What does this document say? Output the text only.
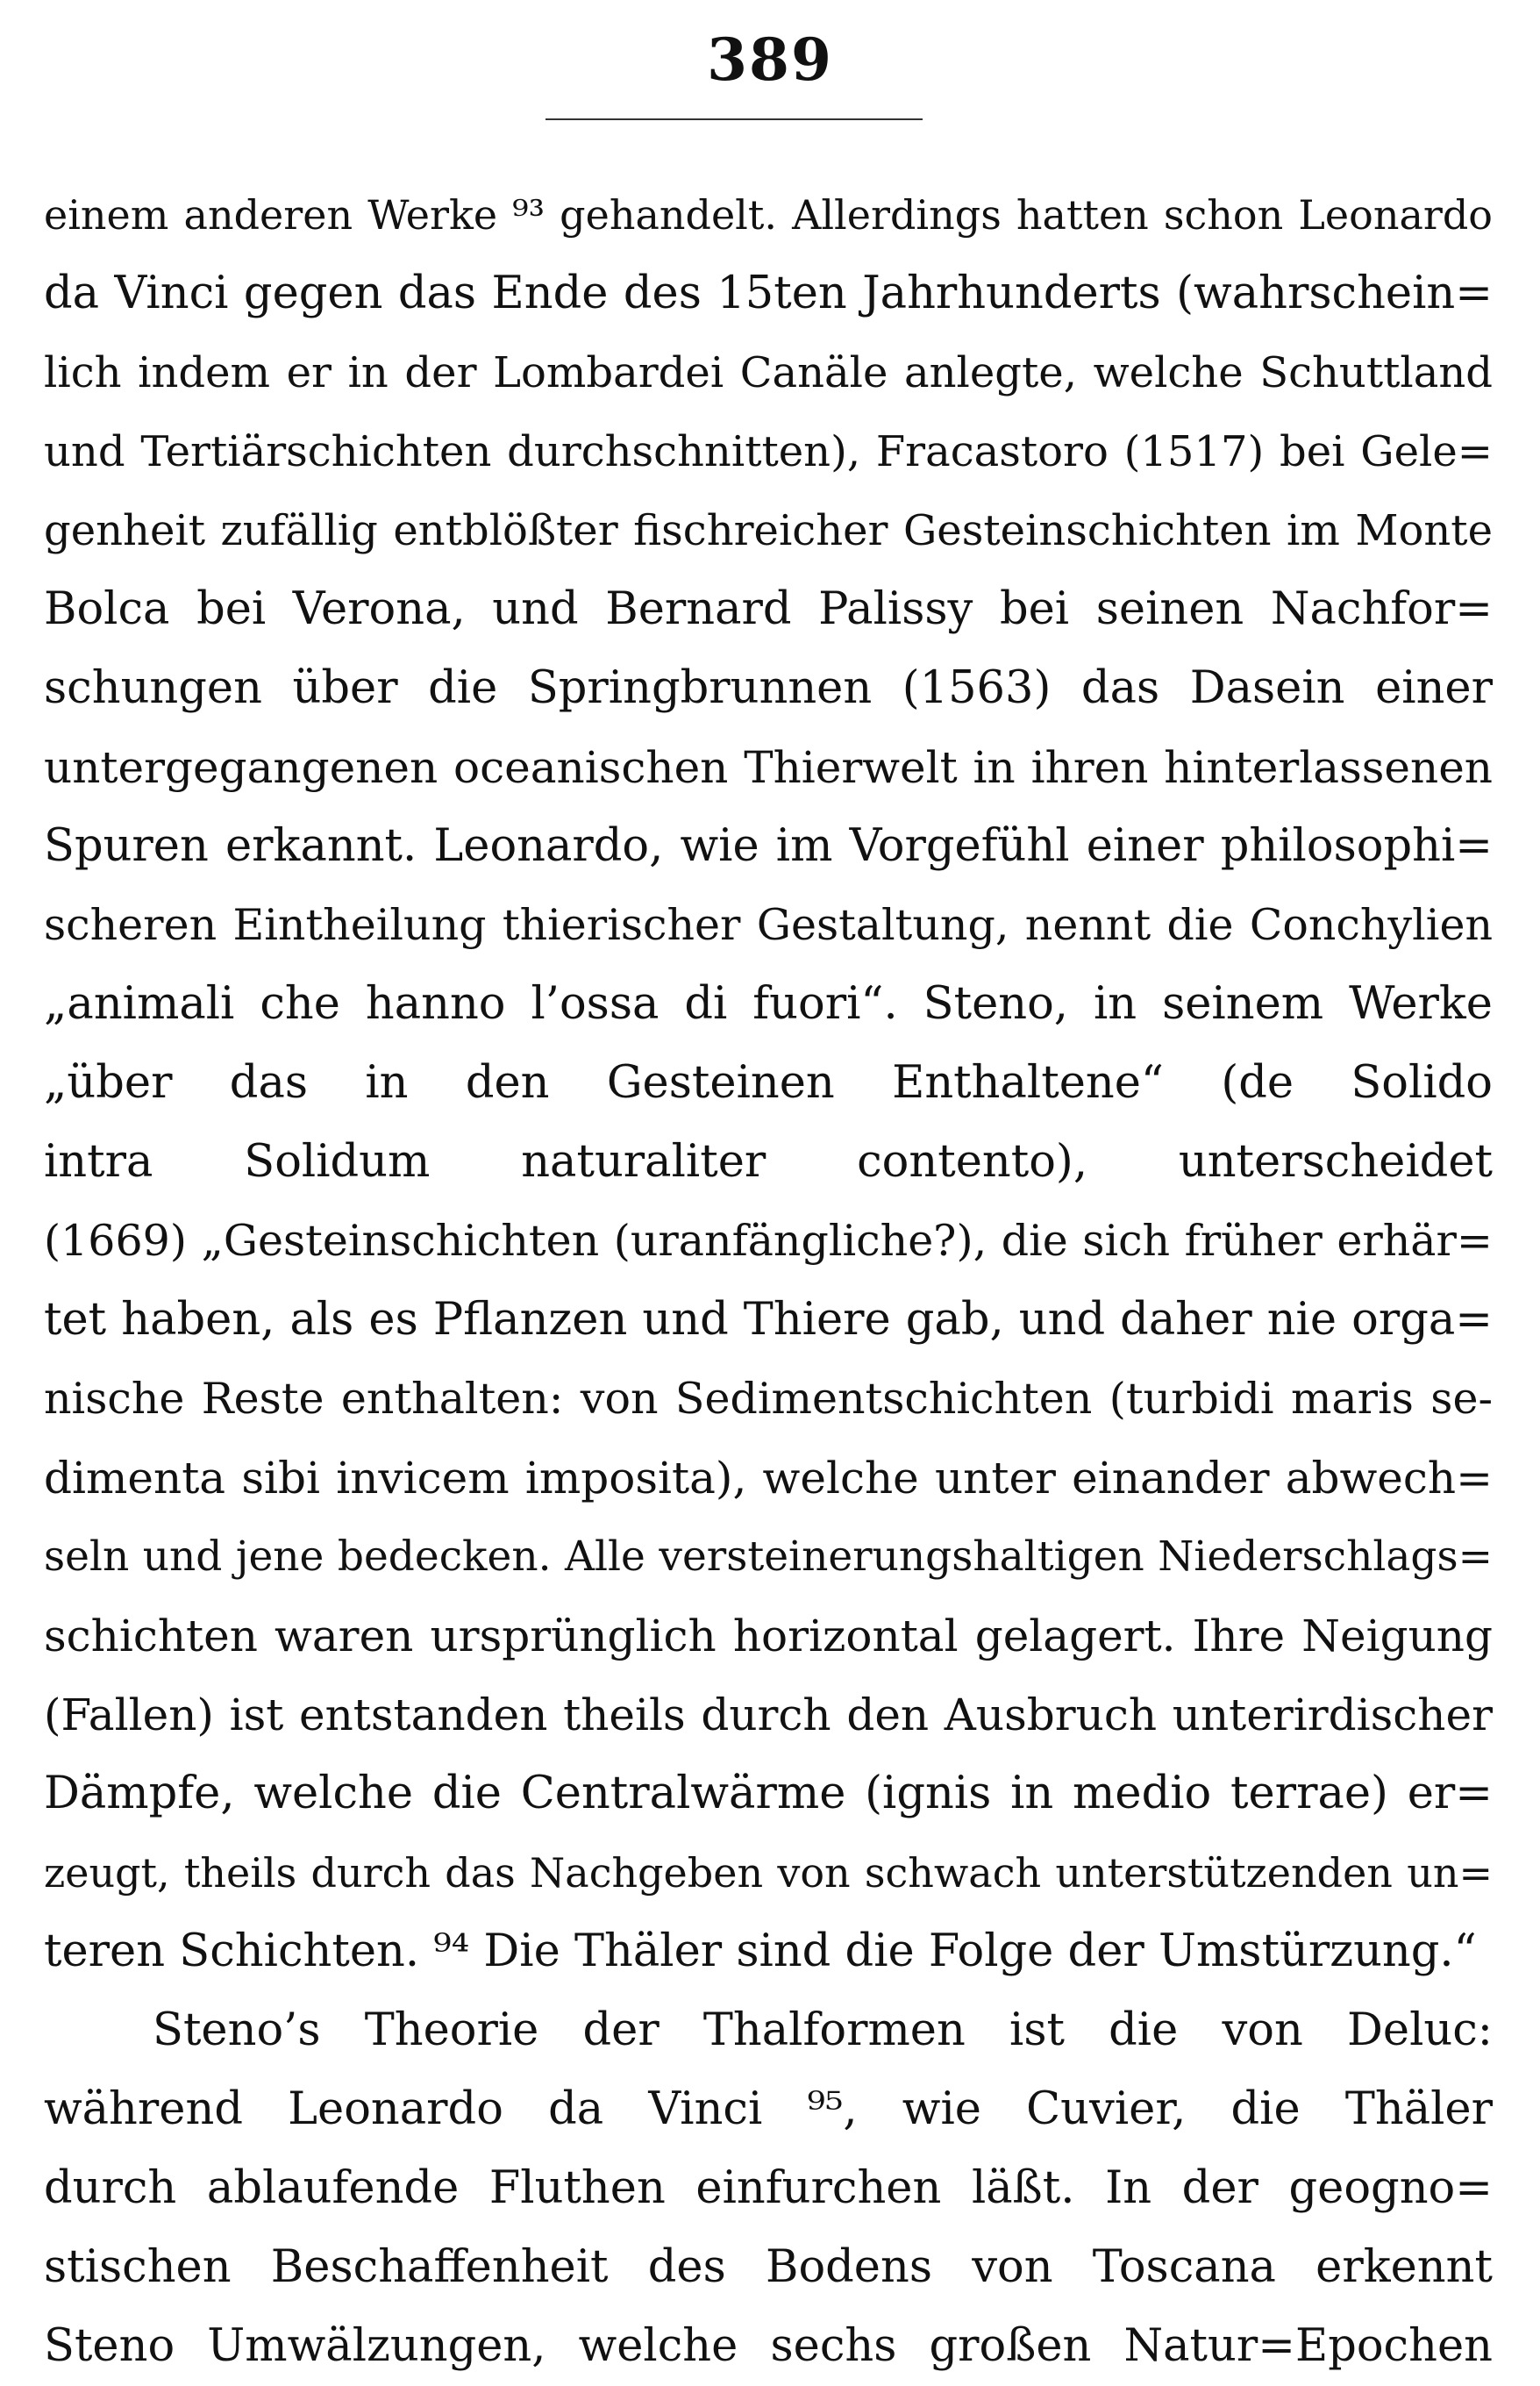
389
einem anderen Werke ⁹³ gehandelt. Allerdings hatten schon Leonardo
da Vinci gegen das Ende des 15ten Jahrhunderts (wahrschein=
lich indem er in der Lombardei Canäle anlegte, welche Schuttland
und Tertiärschichten durchschnitten), Fracastoro (1517) bei Gele=
genheit zufällig entblößter fischreicher Gesteinschichten im Monte
Bolca bei Verona, und Bernard Palissy bei seinen Nachfor=
schungen über die Springbrunnen (1563) das Dasein einer
untergegangenen oceanischen Thierwelt in ihren hinterlassenen
Spuren erkannt. Leonardo, wie im Vorgefühl einer philosophi=
scheren Eintheilung thierischer Gestaltung, nennt die Conchylien
„animali che hanno l’ossa di fuori“. Steno, in seinem Werke
„über das in den Gesteinen Enthaltene“ (de Solido
intra Solidum naturaliter contento), unterscheidet
(1669) „Gesteinschichten (uranfängliche?), die sich früher erhär=
tet haben, als es Pflanzen und Thiere gab, und daher nie orga=
nische Reste enthalten: von Sedimentschichten (turbidi maris se-
dimenta sibi invicem imposita), welche unter einander abwech=
seln und jene bedecken. Alle versteinerungshaltigen Niederschlags=
schichten waren ursprünglich horizontal gelagert. Ihre Neigung
(Fallen) ist entstanden theils durch den Ausbruch unterirdischer
Dämpfe, welche die Centralwärme (ignis in medio terrae) er=
zeugt, theils durch das Nachgeben von schwach unterstützenden un=
teren Schichten. ⁹⁴ Die Thäler sind die Folge der Umstürzung.“
Steno’s Theorie der Thalformen ist die von Deluc:
während Leonardo da Vinci ⁹⁵, wie Cuvier, die Thäler
durch ablaufende Fluthen einfurchen läßt. In der geogno=
stischen Beschaffenheit des Bodens von Toscana erkennt
Steno Umwälzungen, welche sechs großen Natur=Epochen
